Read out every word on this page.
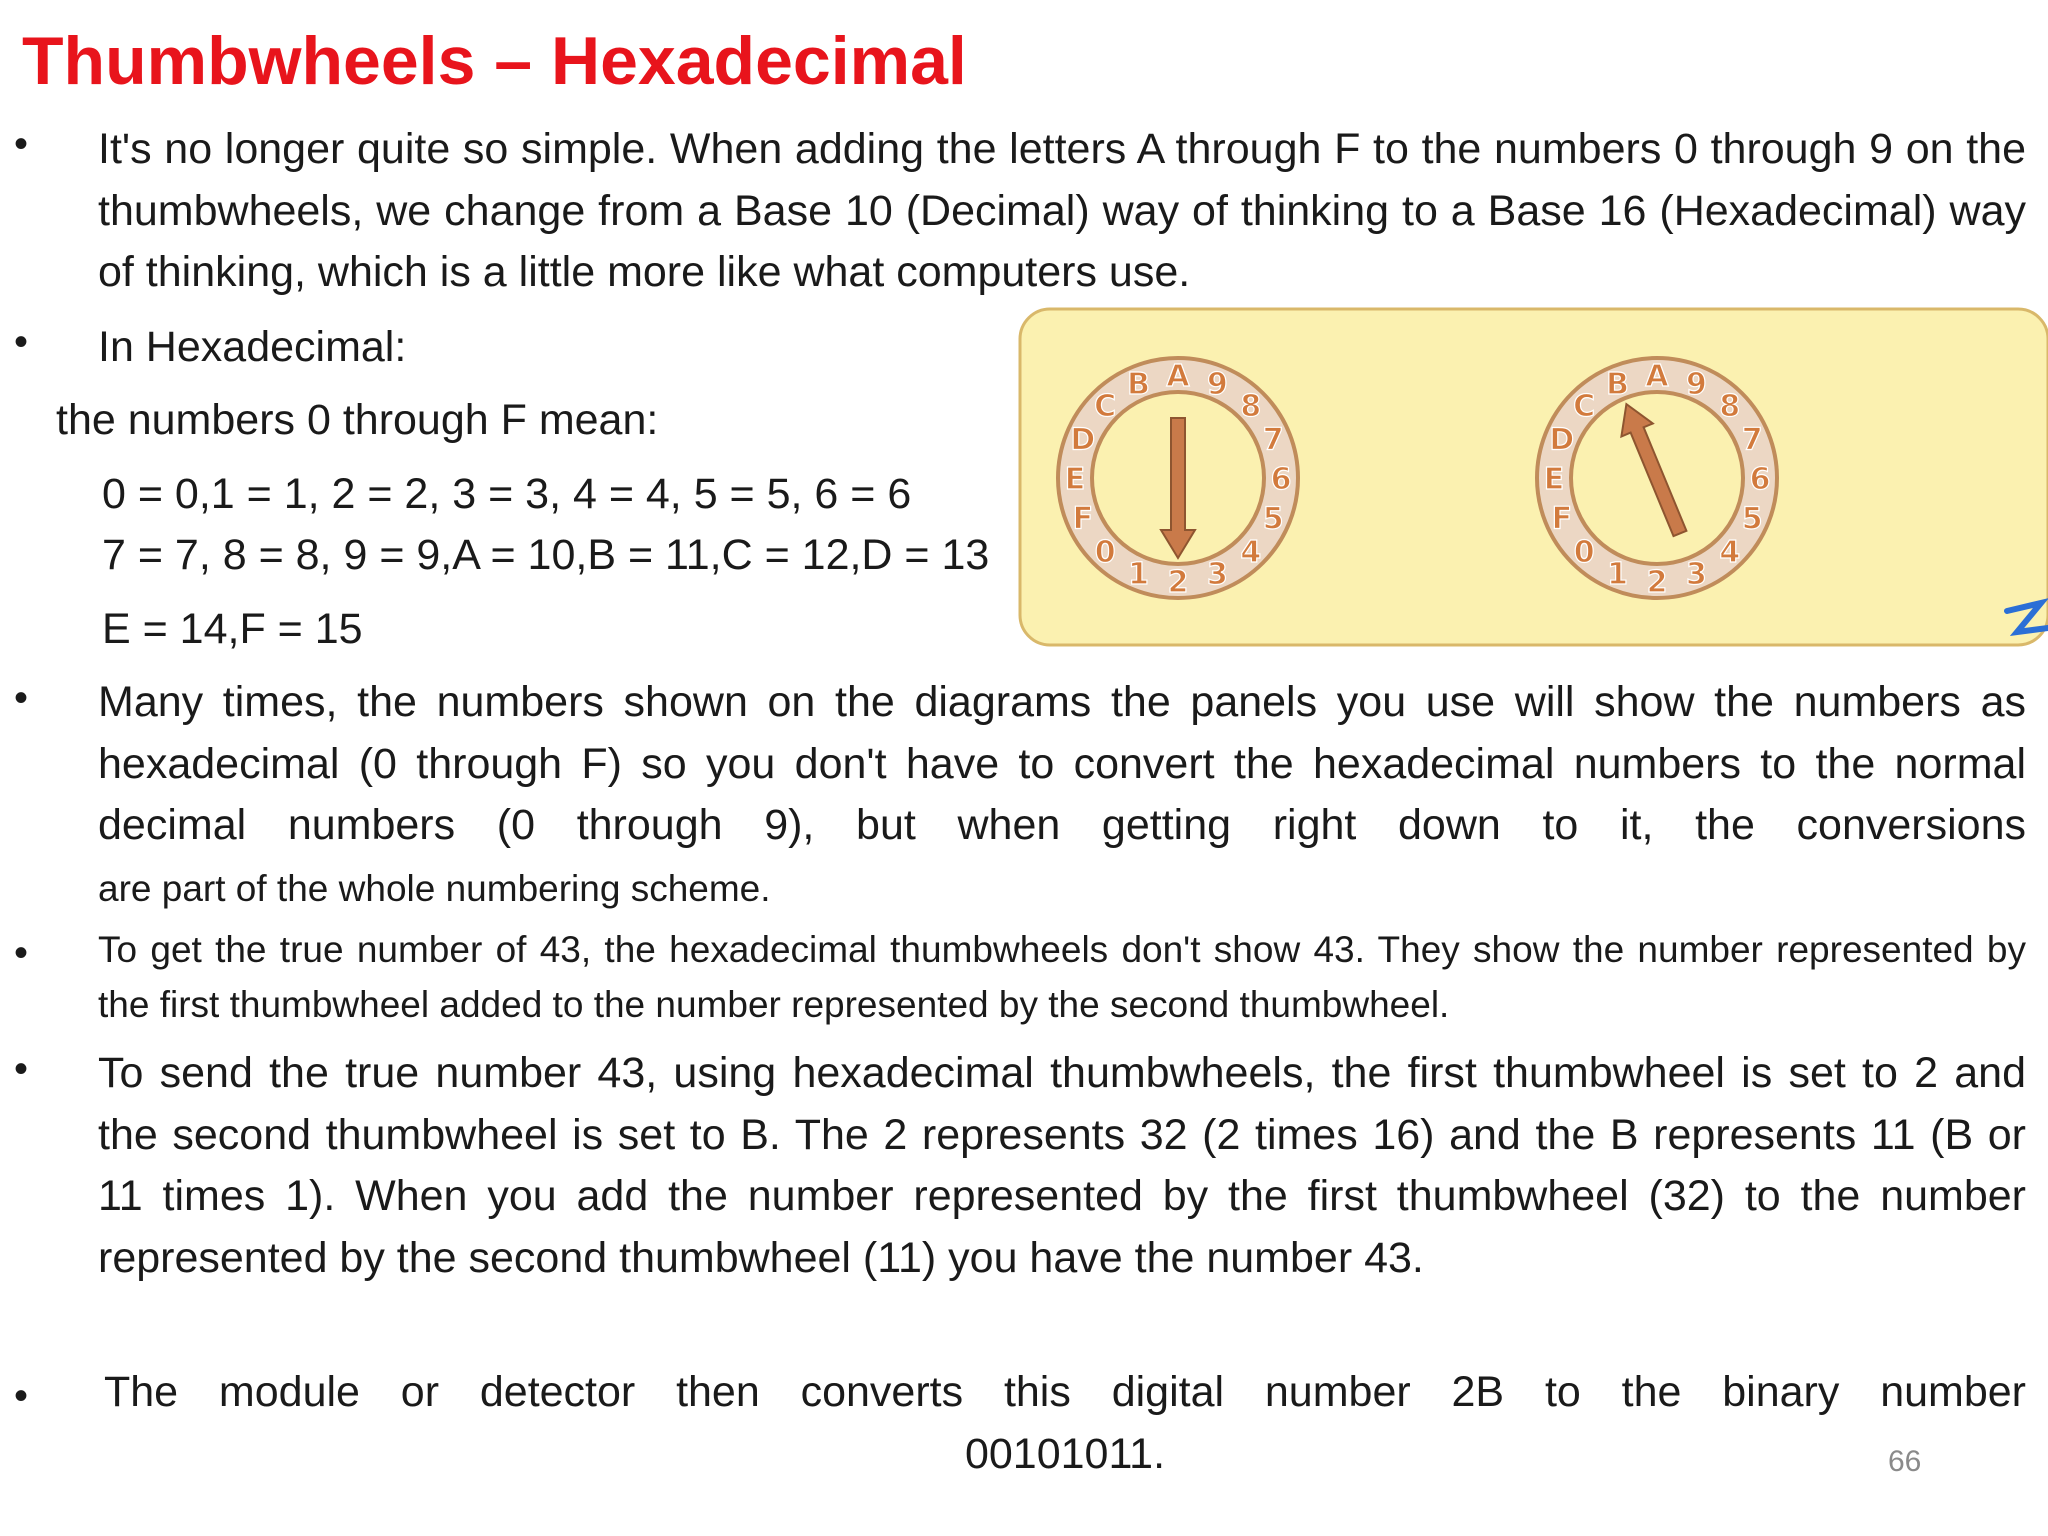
Thumbwheels – Hexadecimal
•	It's no longer quite so simple. When adding the letters A through F to the numbers 0 through 9 on the thumbwheels, we change from a Base 10 (Decimal) way of thinking to a Base 16 (Hexadecimal) way of thinking, which is a little more like what computers use.
•	In Hexadecimal:
the numbers 0 through F mean:
0 = 0,1 = 1, 2 = 2, 3 = 3, 4 = 4, 5 = 5, 6 = 6
7 = 7, 8 = 8, 9 = 9,A = 10,B = 11,C = 12,D = 13
E = 14,F = 15
0
1 2 3
4
5
6
7
8
9
A
B
C
D
E
F
0
1 2 3
4
5
6
7
8
9
A
B
C
D
E
F
•	Many times, the numbers shown on the diagrams the panels you use will show the numbers as hexadecimal (0 through F) so you don't have to convert the hexadecimal numbers to the normal decimal numbers (0 through 9), but when getting right down to it, the conversions are part of the whole numbering scheme.
•	To get the true number of 43, the hexadecimal thumbwheels don't show 43. They show the number represented by the first thumbwheel added to the number represented by the second thumbwheel.
•	To send the true number 43, using hexadecimal thumbwheels, the first thumbwheel is set to 2 and the second thumbwheel is set to B. The 2 represents 32 (2 times 16) and the B represents 11 (B or 11 times 1). When you add the number represented by the first thumbwheel (32) to the number represented by the second thumbwheel (11) you have the number 43.
•	The module or detector then converts this digital number 2B to the binary number
00101011.	66
